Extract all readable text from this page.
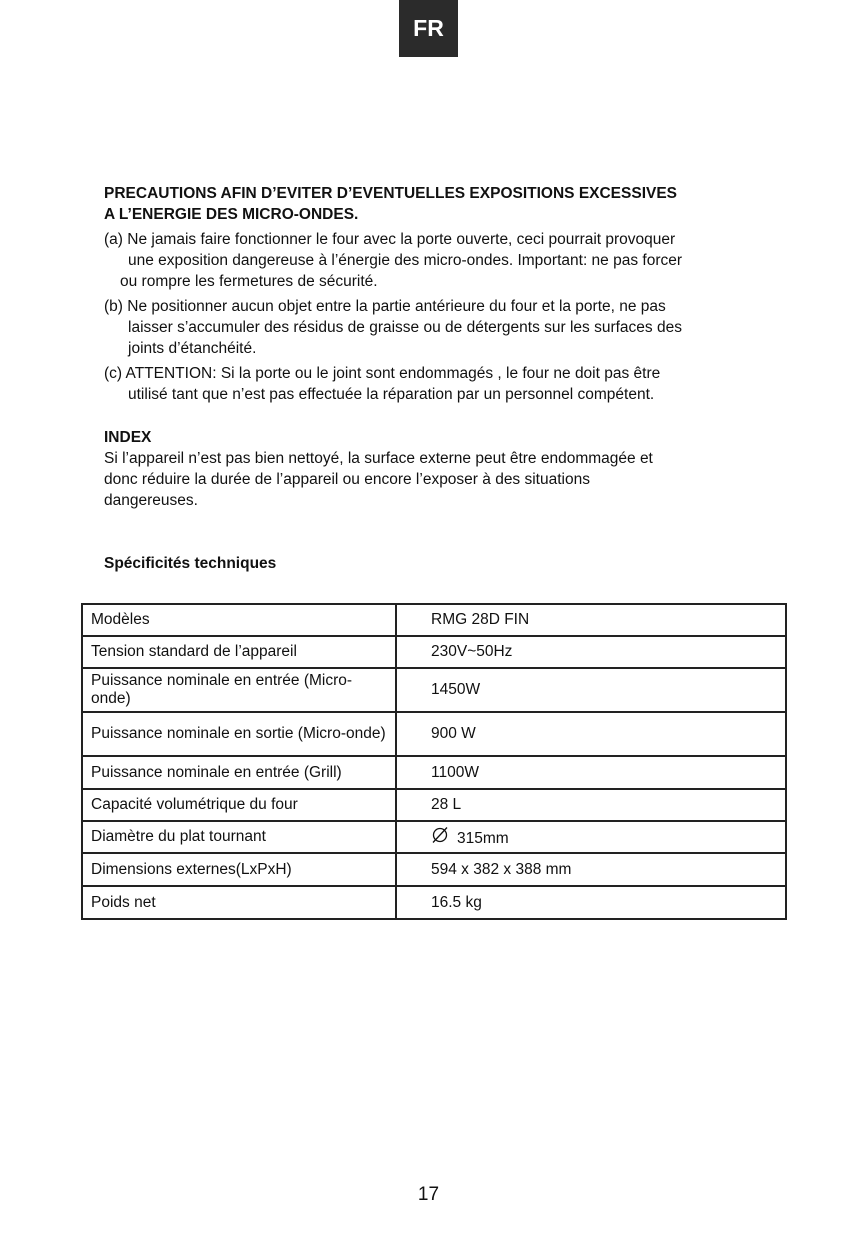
FR

PRECAUTIONS AFIN D’EVITER D’EVENTUELLES EXPOSITIONS EXCESSIVES
A L’ENERGIE DES MICRO-ONDES.

(a) Ne jamais faire fonctionner le four avec la porte ouverte, ceci pourrait provoquer
une exposition dangereuse à l’énergie des micro-ondes. Important: ne pas forcer
ou rompre les fermetures de sécurité.

(b) Ne positionner aucun objet entre la partie antérieure du four et la porte, ne pas
laisser s’accumuler des résidus de graisse ou de détergents sur les surfaces des
joints d’étanchéité.

(c) ATTENTION: Si la porte ou le joint sont endommagés , le four ne doit pas être
utilisé tant que n’est pas effectuée la réparation par un personnel compétent.

INDEX

Si l’appareil n’est pas bien nettoyé, la surface externe peut être endommagée et
donc réduire la durée de l’appareil ou encore l’exposer à des situations
dangereuses.

Spécificités techniques
Modèles	RMG 28D FIN
Tension standard de l’appareil	230V~50Hz
Puissance nominale en entrée (Micro-onde)	1450W
Puissance nominale en sortie (Micro-onde)	900 W
Puissance nominale en entrée (Grill)	1100W
Capacité volumétrique du four	28 L
Diamètre du plat tournant	315mm
Dimensions externes(LxPxH)	594 x 382 x 388 mm
Poids net	16.5 kg
17
